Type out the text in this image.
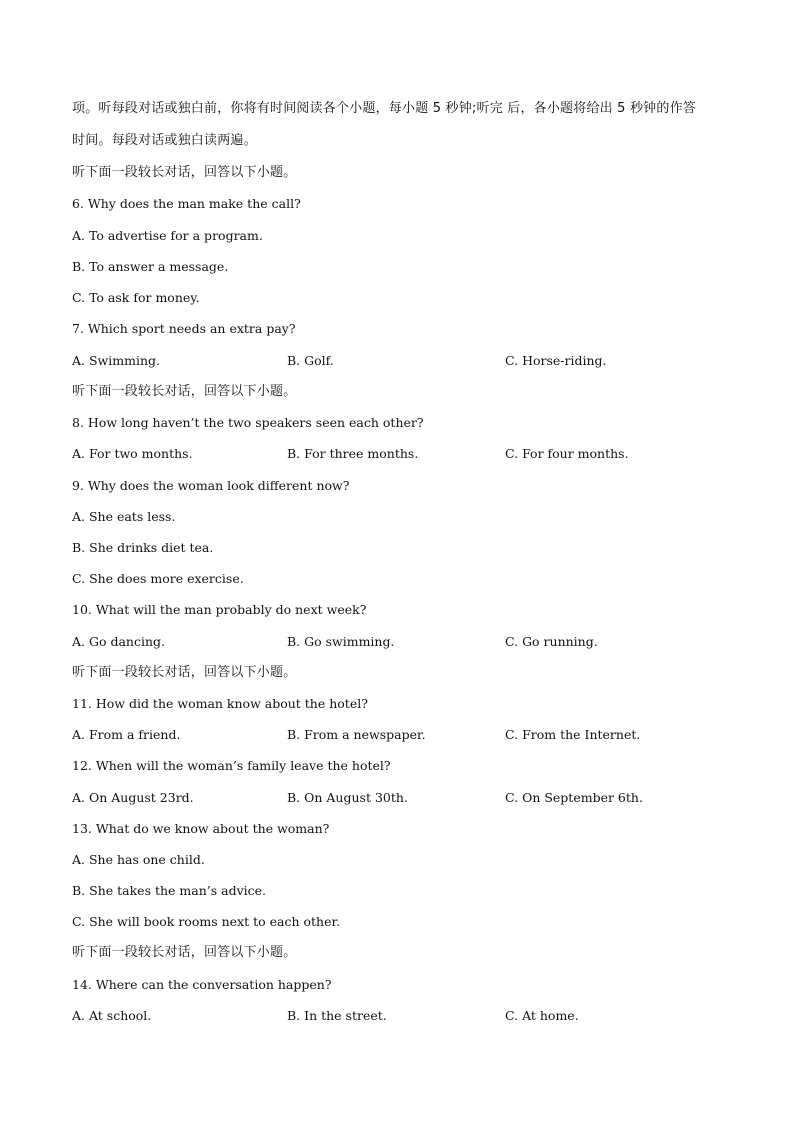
项。听每段对话或独白前，你将有时间阅读各个小题，每小题 5 秒钟;听完 后，各小题将给出 5 秒钟的作答
时间。每段对话或独白读两遍。
听下面一段较长对话，回答以下小题。
6. Why does the man make the call?
A. To advertise for a program.
B. To answer a message.
C. To ask for money.
7. Which sport needs an extra pay?
A. Swimming.	B. Golf.	C. Horse-riding.
听下面一段较长对话，回答以下小题。
8. How long haven’t the two speakers seen each other?
A. For two months.	B. For three months.	C. For four months.
9. Why does the woman look different now?
A. She eats less.
B. She drinks diet tea.
C. She does more exercise.
10. What will the man probably do next week?
A. Go dancing.	B. Go swimming.	C. Go running.
听下面一段较长对话，回答以下小题。
11. How did the woman know about the hotel?
A. From a friend.	B. From a newspaper.	C. From the Internet.
12. When will the woman’s family leave the hotel?
A. On August 23rd.	B. On August 30th.	C. On September 6th.
13. What do we know about the woman?
A. She has one child.
B. She takes the man’s advice.
C. She will book rooms next to each other.
听下面一段较长对话，回答以下小题。
14. Where can the conversation happen?
A. At school.	B. In the street.	C. At home.
